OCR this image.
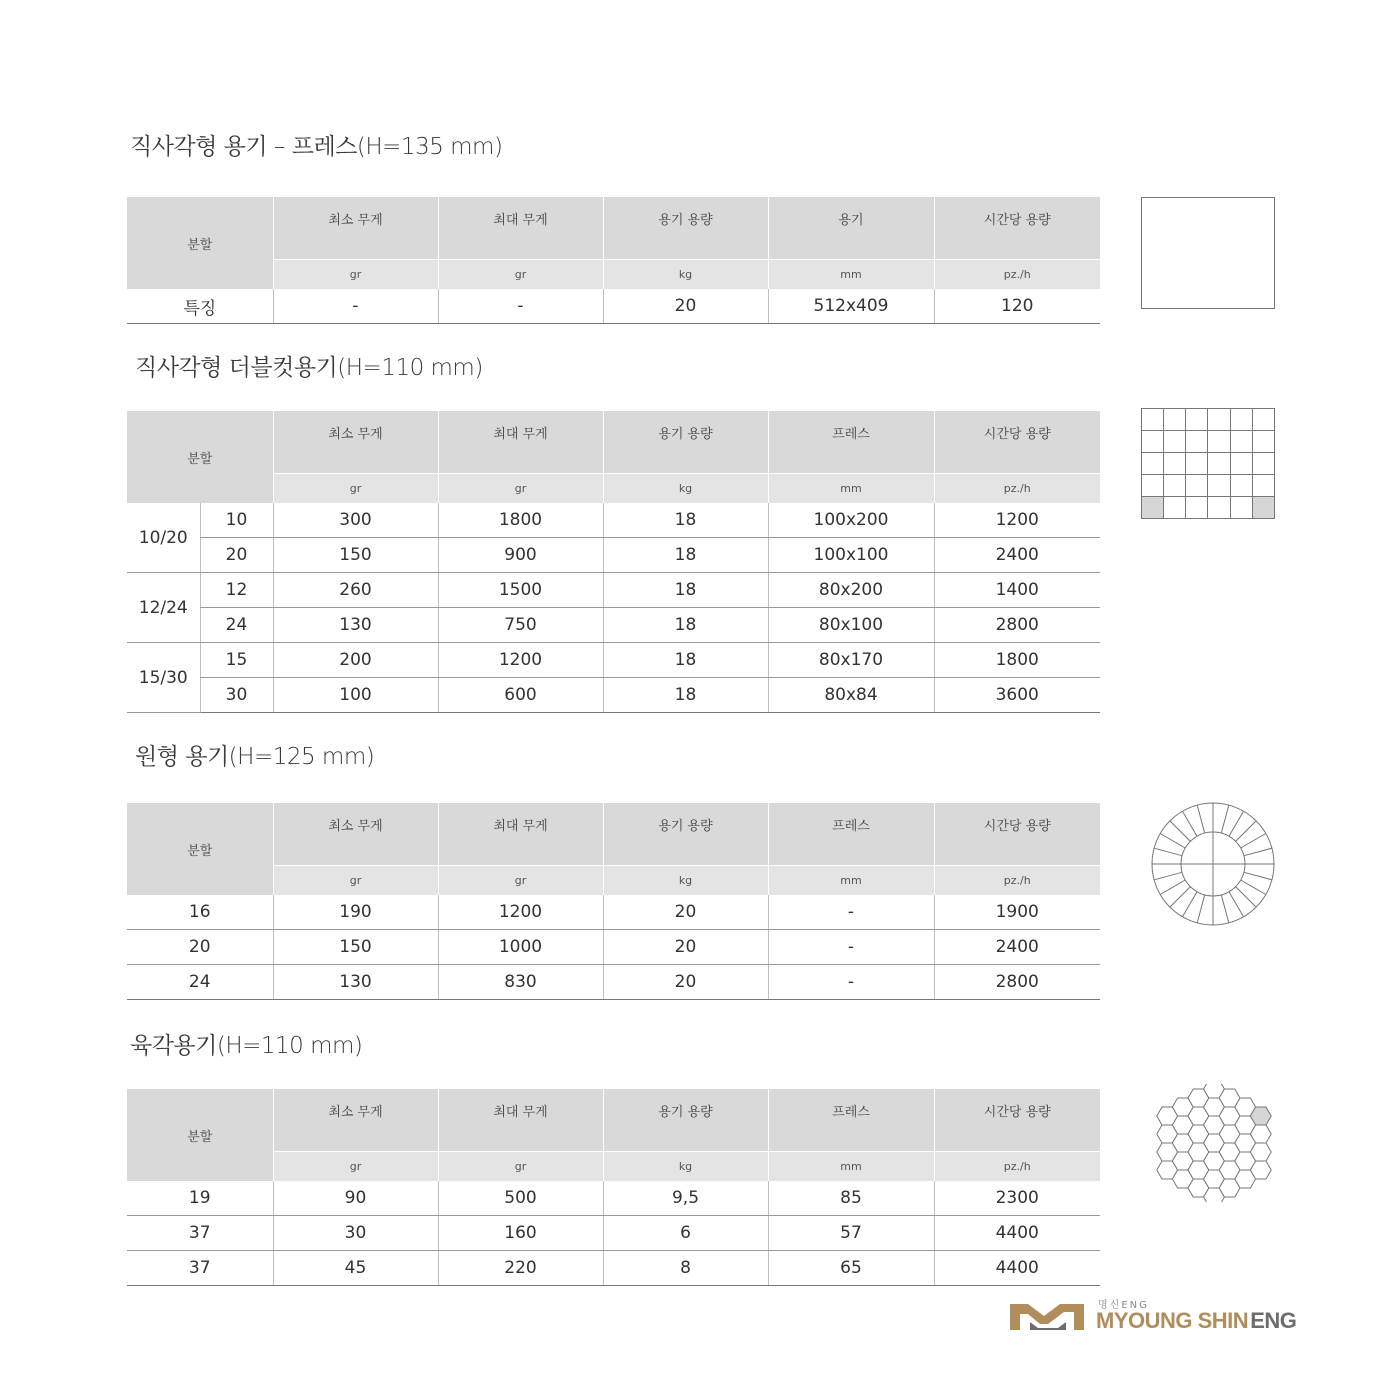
직사각형 용기 – 프레스(H=135 mm)
분할	최소 무게	최대 무게	용기 용량	용기	시간당 용량
	gr	gr	kg	mm	pz./h
특징	-	-	20	512x409	120
직사각형 더블컷용기(H=110 mm)
분할		최소 무게	최대 무게	용기 용량	프레스	시간당 용량
		gr	gr	kg	mm	pz./h
10/20	10	300	1800	18	100x200	1200
	20	150	900	18	100x100	2400
12/24	12	260	1500	18	80x200	1400
	24	130	750	18	80x100	2800
15/30	15	200	1200	18	80x170	1800
	30	100	600	18	80x84	3600
원형 용기(H=125 mm)
분할	최소 무게	최대 무게	용기 용량	프레스	시간당 용량
	gr	gr	kg	mm	pz./h
16	190	1200	20	-	1900
20	150	1000	20	-	2400
24	130	830	20	-	2800
육각용기(H=110 mm)
분할	최소 무게	최대 무게	용기 용량	프레스	시간당 용량
	gr	gr	kg	mm	pz./h
19	90	500	9,5	85	2300
37	30	160	6	57	4400
37	45	220	8	65	4400
명신ENG
MYOUNG SHINENG
